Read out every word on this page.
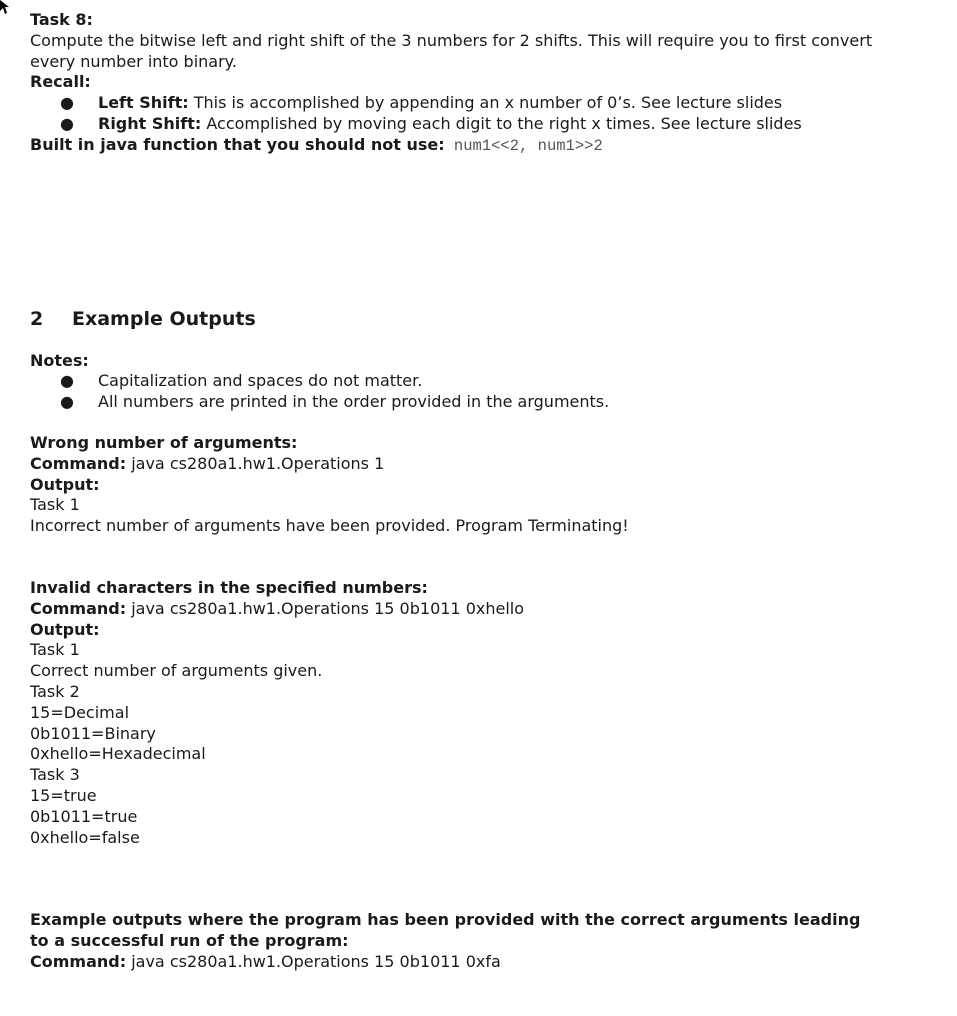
Task 8:
Compute the bitwise left and right shift of the 3 numbers for 2 shifts. This will require you to first convert
every number into binary.
Recall:
● Left Shift: This is accomplished by appending an x number of 0’s. See lecture slides
● Right Shift: Accomplished by moving each digit to the right x times. See lecture slides
Built in java function that you should not use: num1<<2, num1>>2
2 Example Outputs
Notes:
● Capitalization and spaces do not matter.
● All numbers are printed in the order provided in the arguments.
Wrong number of arguments:
Command: java cs280a1.hw1.Operations 1
Output:
Task 1
Incorrect number of arguments have been provided. Program Terminating!
Invalid characters in the specified numbers:
Command: java cs280a1.hw1.Operations 15 0b1011 0xhello
Output:
Task 1
Correct number of arguments given.
Task 2
15=Decimal
0b1011=Binary
0xhello=Hexadecimal
Task 3
15=true
0b1011=true
0xhello=false
Example outputs where the program has been provided with the correct arguments leading
to a successful run of the program:
Command: java cs280a1.hw1.Operations 15 0b1011 0xfa
